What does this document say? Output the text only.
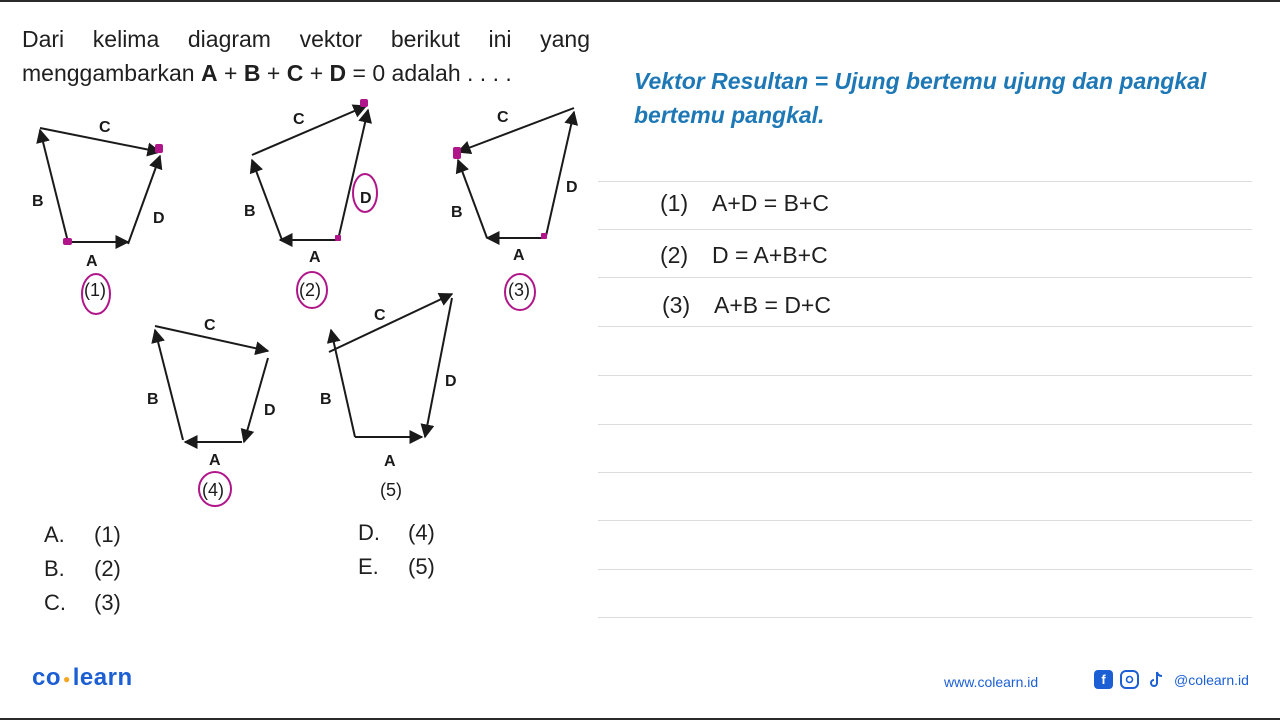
Dari kelima diagram vektor berikut ini yang
menggambarkan A + B + C + D = 0 adalah . . . .
C
B
D
A
C
B
D
A
C
D
B
A
C
B
D
A
C
D
B
A
(1)	(2)	(3)
(4)	(5)
A. (1)
B. (2)
C. (3)
D. (4)
E. (5)
Vektor Resultan = Ujung bertemu ujung dan pangkal bertemu pangkal.
(1) A+D = B+C
(2) D = A+B+C
(3) A+B = D+C
co ●learn	www.colearn.id	f	@colearn.id
